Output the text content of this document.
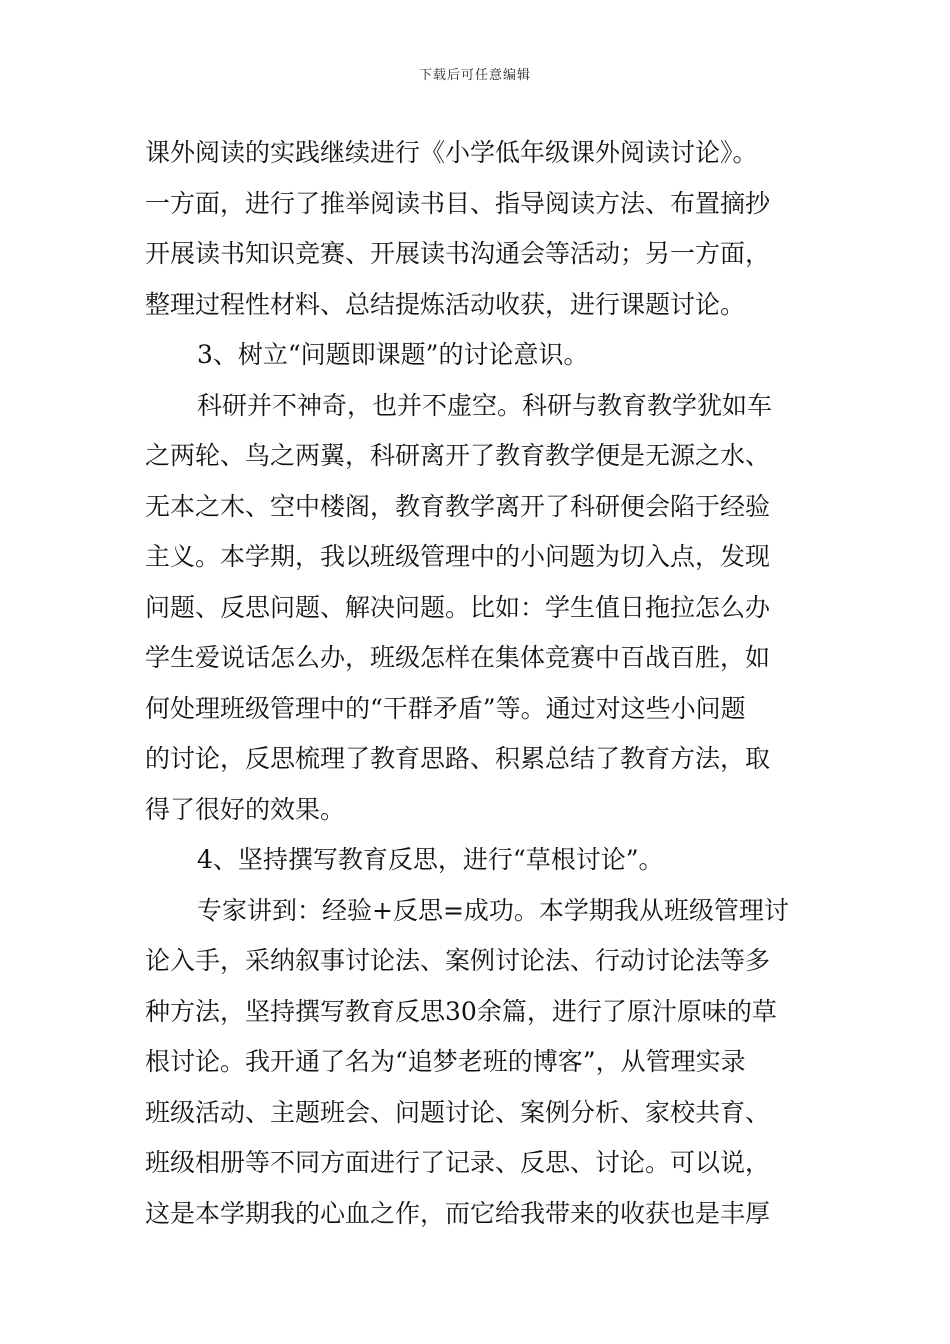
下载后可任意编辑
课外阅读的实践继续进行《小学低年级课外阅读讨论》。
一方面，进行了推举阅读书目、指导阅读方法、布置摘抄
开展读书知识竞赛、开展读书沟通会等活动；另一方面，
整理过程性材料、总结提炼活动收获，进行课题讨论。
3、树立“问题即课题”的讨论意识。
科研并不神奇，也并不虚空。科研与教育教学犹如车
之两轮、鸟之两翼，科研离开了教育教学便是无源之水、
无本之木、空中楼阁，教育教学离开了科研便会陷于经验
主义。本学期，我以班级管理中的小问题为切入点，发现
问题、反思问题、解决问题。比如：学生值日拖拉怎么办
学生爱说话怎么办，班级怎样在集体竞赛中百战百胜，如
何处理班级管理中的“干群矛盾”等。通过对这些小问题
的讨论，反思梳理了教育思路、积累总结了教育方法，取
得了很好的效果。
4、坚持撰写教育反思，进行“草根讨论”。
专家讲到：经验+反思=成功。本学期我从班级管理讨
论入手，采纳叙事讨论法、案例讨论法、行动讨论法等多
种方法，坚持撰写教育反思30余篇，进行了原汁原味的草
根讨论。我开通了名为“追梦老班的博客”，从管理实录
班级活动、主题班会、问题讨论、案例分析、家校共育、
班级相册等不同方面进行了记录、反思、讨论。可以说，
这是本学期我的心血之作，而它给我带来的收获也是丰厚
